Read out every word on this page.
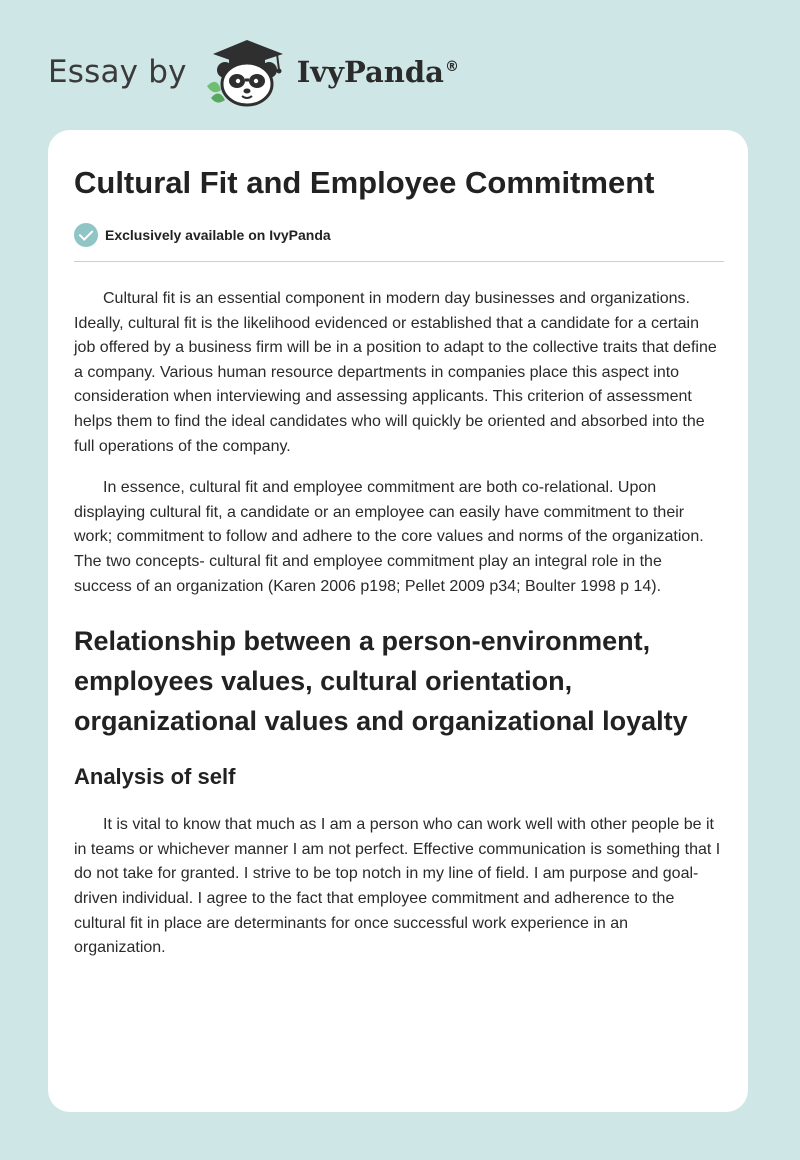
Essay by	IvyPanda®
Cultural Fit and Employee Commitment
Exclusively available on IvyPanda

Cultural fit is an essential component in modern day businesses and organizations. Ideally, cultural fit is the likelihood evidenced or established that a candidate for a certain job offered by a business firm will be in a position to adapt to the collective traits that define a company. Various human resource departments in companies place this aspect into consideration when interviewing and assessing applicants. This criterion of assessment helps them to find the ideal candidates who will quickly be oriented and absorbed into the full operations of the company.

In essence, cultural fit and employee commitment are both co-relational. Upon displaying cultural fit, a candidate or an employee can easily have commitment to their work; commitment to follow and adhere to the core values and norms of the organization. The two concepts- cultural fit and employee commitment play an integral role in the success of an organization (Karen 2006 p198; Pellet 2009 p34; Boulter 1998 p 14).

Relationship between a person-environment, employees values, cultural orientation, organizational values and organizational loyalty
Analysis of self

It is vital to know that much as I am a person who can work well with other people be it in teams or whichever manner I am not perfect. Effective communication is something that I do not take for granted. I strive to be top notch in my line of field. I am purpose and goal-driven individual. I agree to the fact that employee commitment and adherence to the cultural fit in place are determinants for once successful work experience in an organization.
